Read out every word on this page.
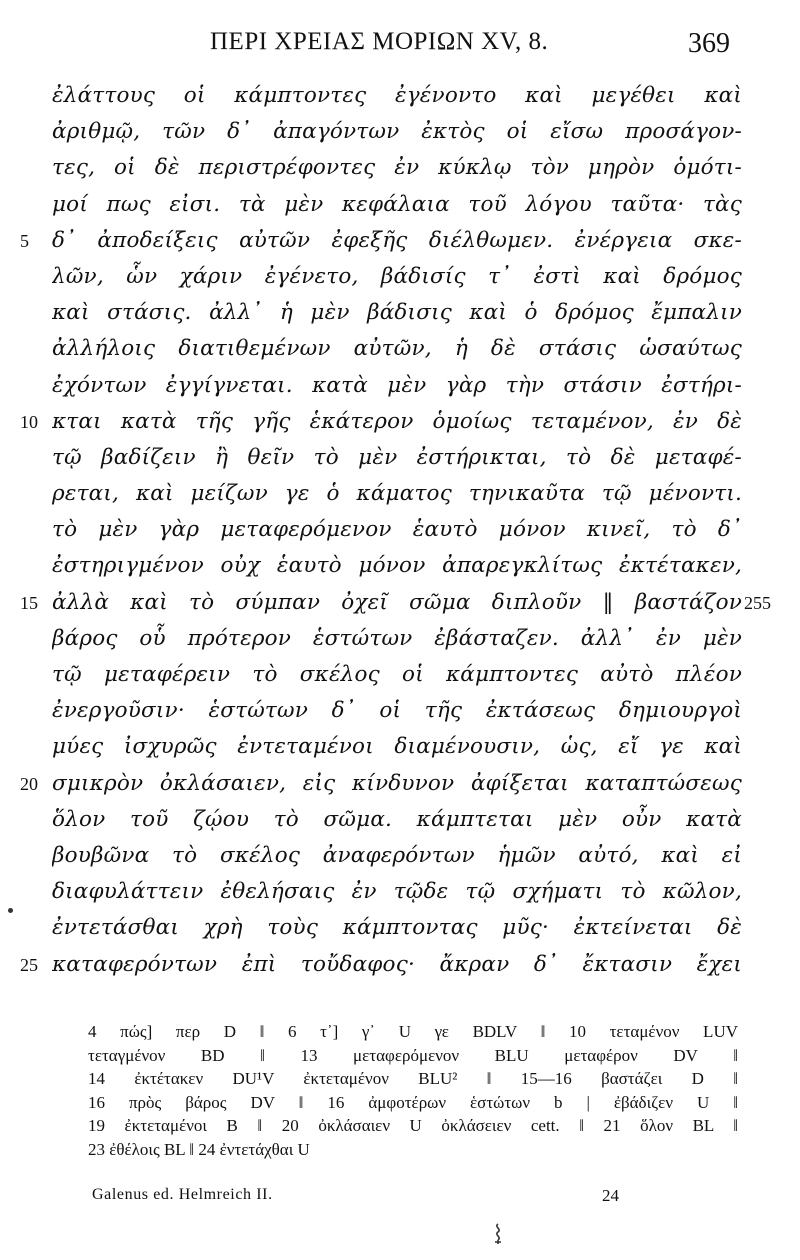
ΠΕΡΙ ΧΡΕΙΑΣ ΜΟΡΙΩΝ XV, 8.	369
ἐλάττους οἱ κάμπτοντες ἐγένοντο καὶ μεγέθει καὶ
ἀριθμῷ, τῶν δ᾽ ἀπαγόντων ἐκτὸς οἱ εἴσω προσάγον-
τες, οἱ δὲ περιστρέφοντες ἐν κύκλῳ τὸν μηρὸν ὁμότι-
μοί πως εἰσι. τὰ μὲν κεφάλαια τοῦ λόγου ταῦτα· τὰς
5	δ᾽ ἀποδείξεις αὐτῶν ἐφεξῆς διέλθωμεν. ἐνέργεια σκε-
λῶν, ὧν χάριν ἐγένετο, βάδισίς τ᾽ ἐστὶ καὶ δρόμος
καὶ στάσις. ἀλλ᾽ ἡ μὲν βάδισις καὶ ὁ δρόμος ἔμπαλιν
ἀλλήλοις διατιθεμένων αὐτῶν, ἡ δὲ στάσις ὡσαύτως
ἐχόντων ἐγγίγνεται. κατὰ μὲν γὰρ τὴν στάσιν ἐστήρι-
10 κται κατὰ τῆς γῆς ἑκάτερον ὁμοίως τεταμένον, ἐν δὲ
τῷ βαδίζειν ἢ θεῖν τὸ μὲν ἐστήρικται, τὸ δὲ μεταφέ-
ρεται, καὶ μείζων γε ὁ κάματος τηνικαῦτα τῷ μένοντι.
τὸ μὲν γὰρ μεταφερόμενον ἑαυτὸ μόνον κινεῖ, τὸ δ᾽
ἐστηριγμένον οὐχ ἑαυτὸ μόνον ἀπαρεγκλίτως ἐκτέτακεν,
15 ἀλλὰ καὶ τὸ σύμπαν ὀχεῖ σῶμα διπλοῦν ‖ βαστάζον 255
βάρος οὗ πρότερον ἑστώτων ἐβάσταζεν. ἀλλ᾽ ἐν μὲν
τῷ μεταφέρειν τὸ σκέλος οἱ κάμπτοντες αὐτὸ πλέον
ἐνεργοῦσιν· ἑστώτων δ᾽ οἱ τῆς ἐκτάσεως δημιουργοὶ
μύες ἰσχυρῶς ἐντεταμένοι διαμένουσιν, ὡς, εἴ γε καὶ
20 σμικρὸν ὀκλάσαιεν, εἰς κίνδυνον ἀφίξεται καταπτώσεως
ὅλον τοῦ ζῴου τὸ σῶμα. κάμπτεται μὲν οὖν κατὰ
βουβῶνα τὸ σκέλος ἀναφερόντων ἡμῶν αὐτό, καὶ εἰ
διαφυλάττειν ἐθελήσαις ἐν τῷδε τῷ σχήματι τὸ κῶλον,
ἐντετάσθαι χρὴ τοὺς κάμπτοντας μῦς· ἐκτείνεται δὲ
25 καταφερόντων ἐπὶ τοὔδαφος· ἄκραν δ᾽ ἔκτασιν ἔχει
4 πώς] περ D ‖ 6 τ᾽] γ᾽ U γε BDLV ‖ 10 τεταμένον LUV
τεταγμένον BD ‖ 13 μεταφερόμενον BLU μεταφέρον DV ‖
14 ἐκτέτακεν DU¹V ἐκτεταμένον BLU² ‖ 15—16 βαστάζει D ‖
16 πρὸς βάρος DV ‖ 16 ἀμφοτέρων ἑστώτων b | ἐβάδιζεν U ‖
19 ἐκτεταμένοι B ‖ 20 ὀκλάσαιεν U ὀκλάσειεν cett. ‖ 21 ὅλον BL ‖
23 ἐθέλοις BL ‖ 24 ἐντετάχθαι U
Galenus ed. Helmreich II.	24
